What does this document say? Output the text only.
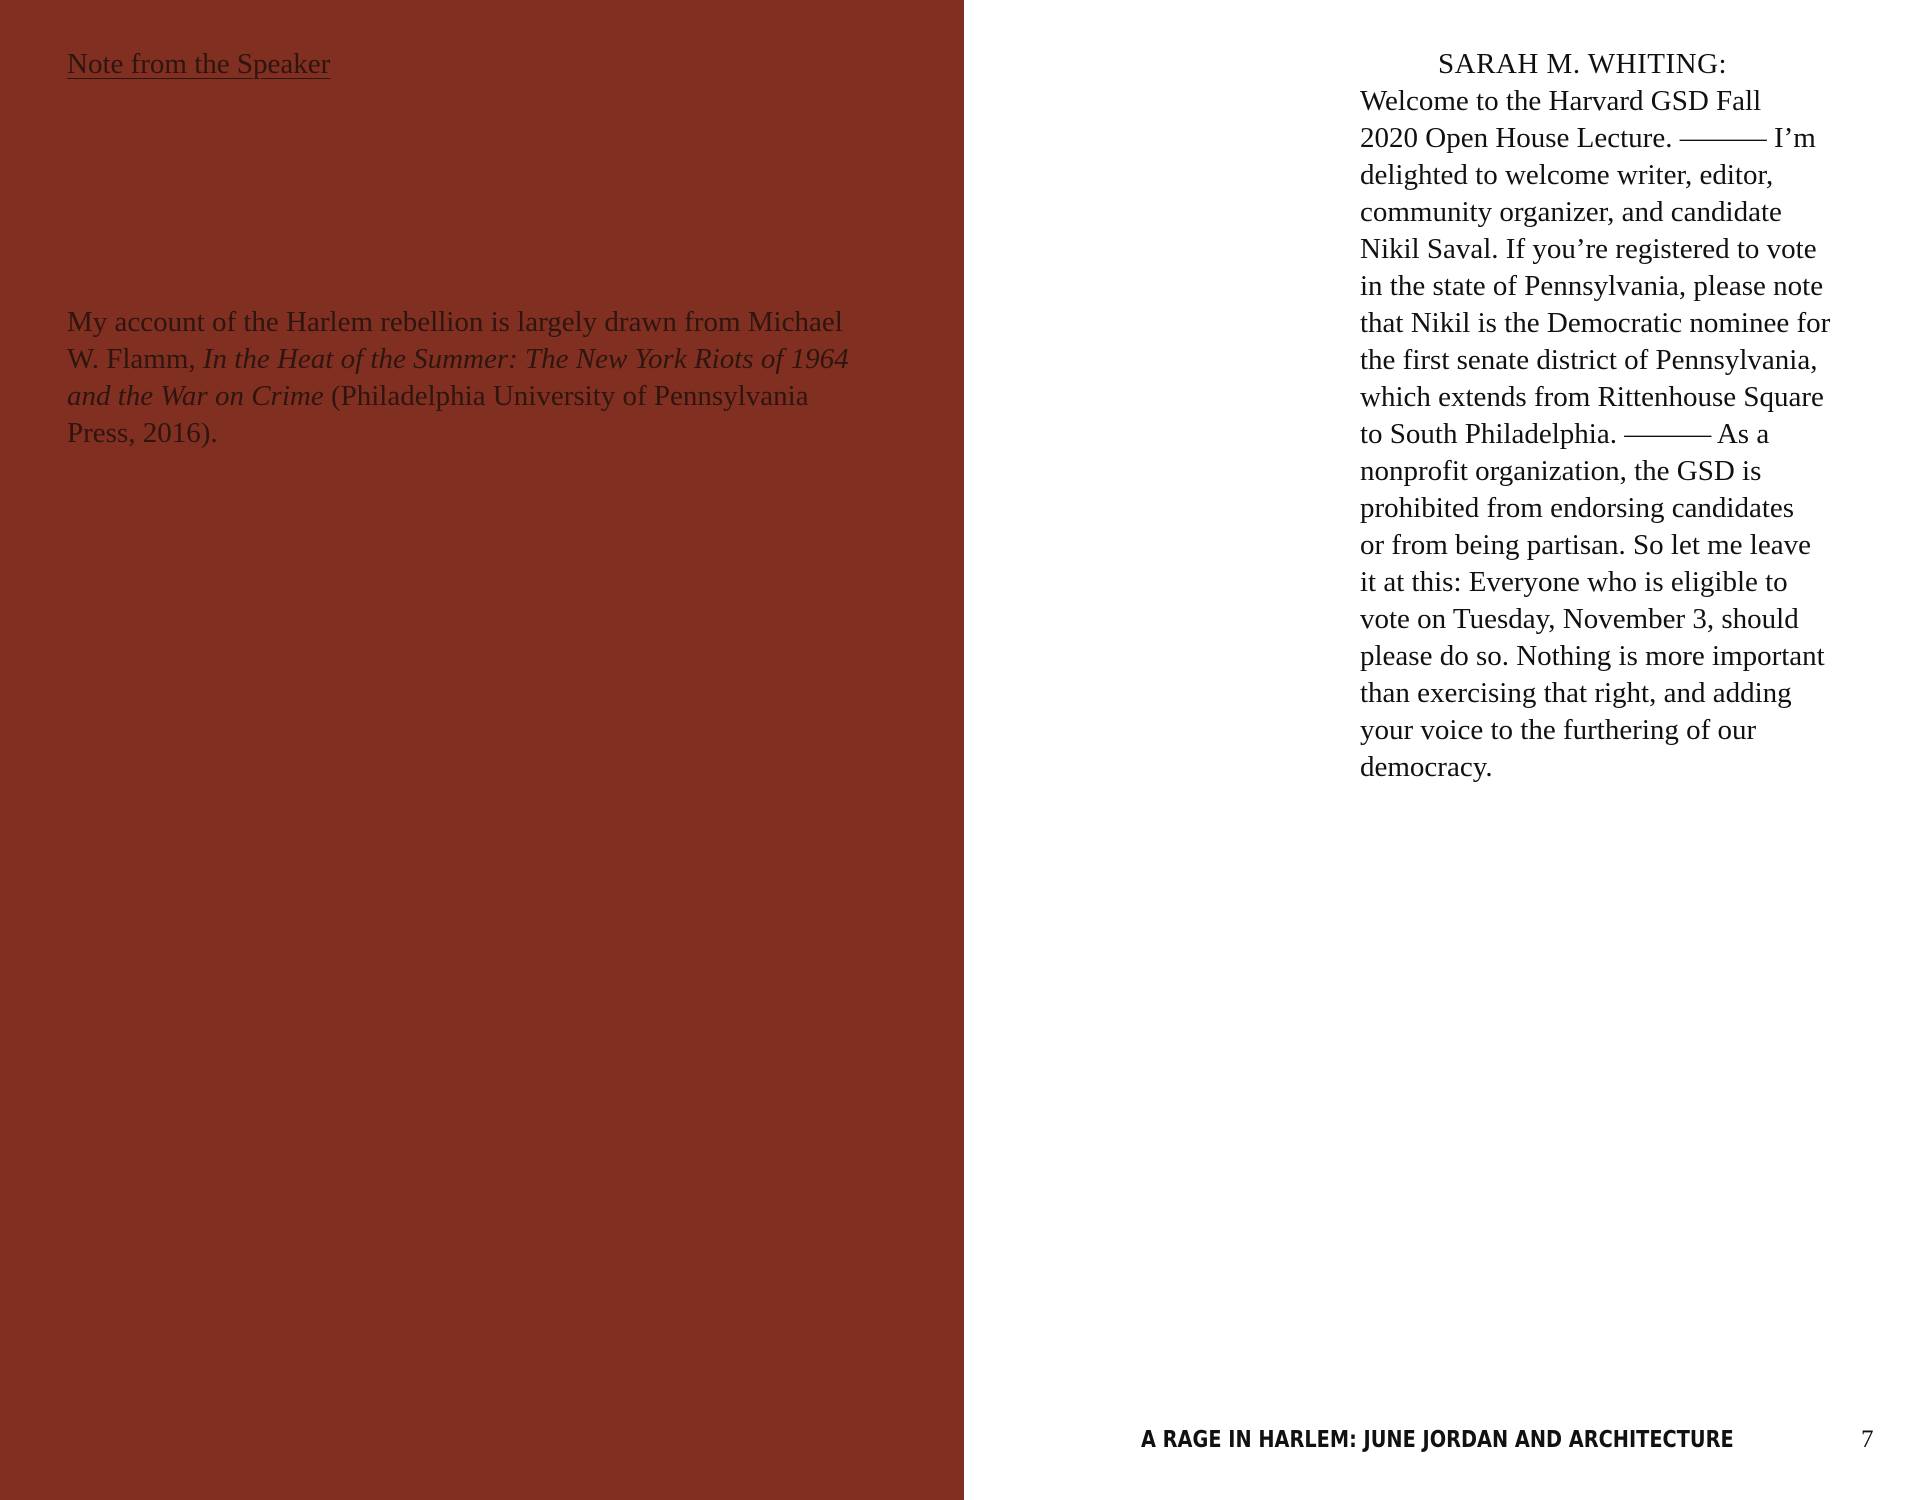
Note from the Speaker

My account of the Harlem rebellion is largely drawn from Michael W. Flamm, In the Heat of the Summer: The New York Riots of 1964 and the War on Crime (Philadelphia University of Pennsylvania Press, 2016).

SARAH M. WHITING:

Welcome to the Harvard GSD Fall
2020 Open House Lecture. ——— I’m
delighted to welcome writer, editor,
community organizer, and candidate
Nikil Saval. If you’re registered to vote
in the state of Pennsylvania, please note
that Nikil is the Democratic nominee for
the first senate district of Pennsylvania,
which extends from Rittenhouse Square
to South Philadelphia. ——— As a
nonprofit organization, the GSD is
prohibited from endorsing candidates
or from being partisan. So let me leave
it at this: Everyone who is eligible to
vote on Tuesday, November 3, should
please do so. Nothing is more important
than exercising that right, and adding
your voice to the furthering of our
democracy.

A RAGE IN HARLEM: JUNE JORDAN AND ARCHITECTURE	7
